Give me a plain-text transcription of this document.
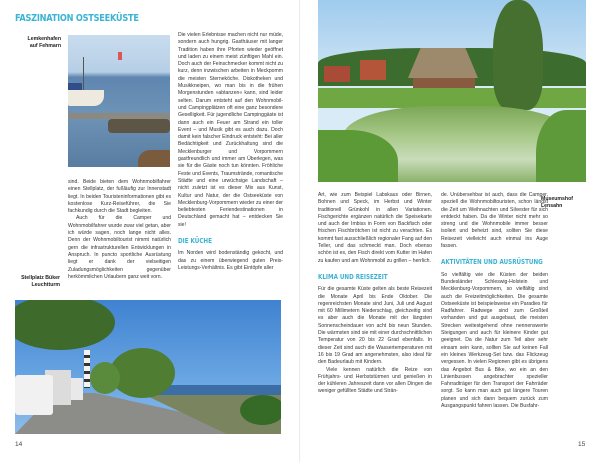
FASZINATION OSTSEEKÜSTE
Lemkenhafen
auf Fehmarn

sind. Beide bieten dem Wohnmobilfahrer einen Stellplatz, der fußläufig zur Innenstadt liegt. In beiden Touristeninformationen gibt es kostenlose Kurz-Reiseführer, die Sie fachkundig durch die Stadt begleiten.

Auch für die Camper und Wohnmobilfahrer wurde zwar viel getan, aber ich würde sagen, noch lange nicht alles. Denn der Wohnmobiltourist nimmt natürlich gern die infrastrukturellen Entwicklungen in Anspruch. In puncto sportliche Ausrüstung liegt er dank der vielseitigen Zuladungsmöglichkeiten gegenüber herkömmlichen Urlaubern ganz weit vorn.

Stellplatz Büker
Leuchtturm

Die vielen Erlebnisse machen nicht nur müde, sondern auch hungrig. Gasthäuser mit langer Tradition haben ihre Pforten wieder geöffnet und laden zu einem meist zünftigen Mahl ein. Doch auch der Feinschmecker kommt nicht zu kurz, denn inzwischen arbeiten in Meckpomm die meisten Sterneköche. Diskotheken und Musikkneipen, wo man bis in die frühen Morgenstunden »abtanzen« kann, sind leider selten. Darum entsteht auf den Wohnmobil- und Campingplätzen oft eine ganz besondere Geselligkeit. Für jugendliche Campinggäste ist dann auch ein Feuer am Strand ein toller Event – und Musik gibt es auch dazu. Doch damit kein falscher Eindruck entsteht: Bei aller Bedächtigkeit und Zurückhaltung sind die Mecklenburger und Vorpommern gastfreundlich und immer am Überlegen, was sie für die Gäste noch tun könnten. Fröhliche Feste und Events, Traumstrände, romantische Städte und eine urwüchsige Landschaft – nicht zuletzt ist es dieser Mix aus Kunst, Kultur und Natur, der die Ostseeküste von Mecklenburg-Vorpommern wieder zu einer der beliebtesten Feriendestinationen in Deutschland gemacht hat – entdecken Sie sie!

DIE KÜCHE

Im Norden wird bodenständig gekocht, und das zu einem überwiegend guten Preis-Leistungs-Verhältnis. Es gibt Eintöpfe aller

14

Art, wie zum Beispiel Labskaus oder Birnen, Bohnen und Speck, im Herbst und Winter traditionell Grünkohl in allen Variationen. Fischgerichte ergänzen natürlich die Speisekarte und auch der Imbiss in Form von Backfisch oder frischen Fischbrötchen ist nicht zu verachten. Es kommt fast ausschließlich regionaler Fang auf den Teller, und das schmeckt man. Doch ebenso schön ist es, den Fisch direkt vom Kutter im Hafen zu kaufen und am Wohnmobil zu grillen – herrlich.

KLIMA UND REISEZEIT

Für die gesamte Küste gelten als beste Reisezeit die Monate April bis Ende Oktober. Die regenreichsten Monate sind Juni, Juli und August mit 60 Millimetern Niederschlag, gleichzeitig sind es aber auch die Monate mit der längsten Sonnenscheindauer von acht bis neun Stunden. Die wärmsten sind sie mit einer durchschnittlichen Temperatur von 20 bis 22 Grad ebenfalls. In dieser Zeit sind auch die Wassertemperaturen mit 16 bis 19 Grad am angenehmsten, also ideal für den Badeurlaub mit Kindern.

Viele kennen natürlich die Reize von Frühjahrs- und Herbststürmen und genießen in der kühleren Jahreszeit dann vor allen Dingen die weniger gefüllten Städte und Strän-

de. Unübersehbar ist auch, dass die Camper, speziell die Wohnmobiltouristen, schon längst die Zeit um Weihnachten und Silvester für sich entdeckt haben. Da die Winter nicht mehr so streng und die Wohnmobile immer besser isoliert und beheizt sind, sollten Sie diese Reisezeit vielleicht auch einmal ins Auge fassen.

AKTIVITÄTEN UND AUSRÜSTUNG

So vielfältig wie die Küsten der beiden Bundesländer Schleswig-Holstein und Mecklenburg-Vorpommern, so vielfältig sind auch die Freizeitmöglichkeiten. Die gesamte Ostseeküste ist beispielsweise ein Paradies für Radfahrer. Radwege sind zum Großteil vorhanden und gut ausgebaut, die meisten Strecken weitestgehend ohne nennenswerte Steigungen und auch für kleinere Kinder gut geeignet. Da die Natur zum Teil aber sehr einsam sein kann, sollten Sie auf keinen Fall ein kleines Werkzeug-Set bzw. das Flickzeug vergessen. In vielen Regionen gibt es übrigens das Angebot Bus & Bike, wo ein an den Linienbussen angebrachter spezieller Fahrradträger für den Transport der Fahrräder sorgt. So kann man auch gut längere Touren planen und sich dann bequem zurück zum Ausgangspunkt fahren lassen. Die Busfahr-

Museumshof
Lensahn
15
